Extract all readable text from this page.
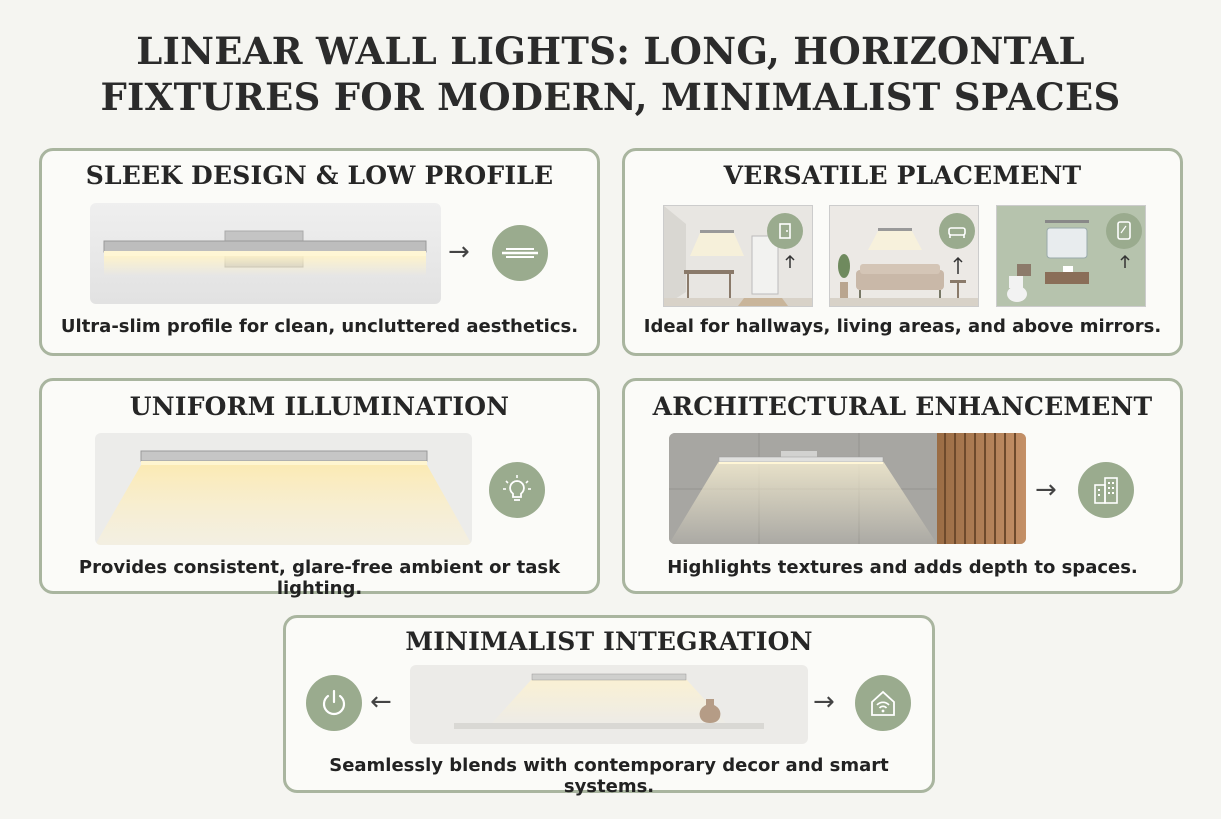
LINEAR WALL LIGHTS: LONG, HORIZONTAL
FIXTURES FOR MODERN, MINIMALIST SPACES
SLEEK DESIGN & LOW PROFILE
→
Ultra-slim profile for clean, uncluttered aesthetics.
VERSATILE PLACEMENT
Ideal for hallways, living areas, and above mirrors.
UNIFORM ILLUMINATION
Provides consistent, glare-free ambient or task lighting.
ARCHITECTURAL ENHANCEMENT
→
Highlights textures and adds depth to spaces.
MINIMALIST INTEGRATION
←	→
Seamlessly blends with contemporary decor and smart systems.
